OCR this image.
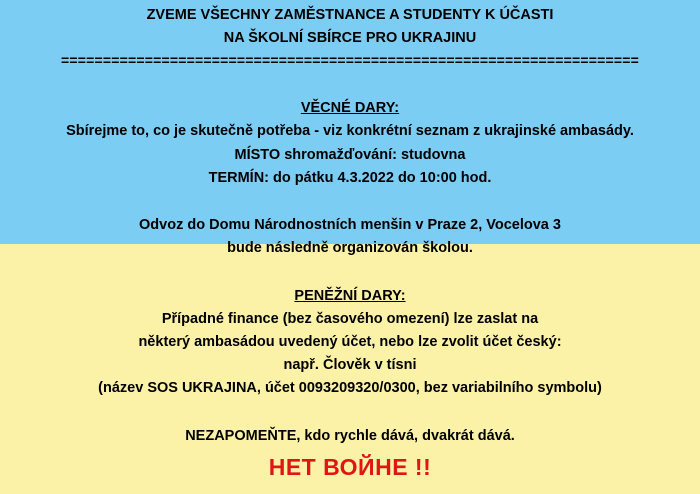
ZVEME VŠECHNY ZAMĚSTNANCE A STUDENTY K ÚČASTI
NA ŠKOLNÍ SBÍRCE PRO UKRAJINU
=====================================================================
VĚCNÉ DARY:
Sbírejme to, co je skutečně potřeba - viz konkrétní seznam z ukrajinské ambasády.
MÍSTO shromažďování: studovna
TERMÍN: do pátku 4.3.2022 do 10:00 hod.
Odvoz do Domu Národnostních menšin v Praze 2, Vocelova 3
bude následně organizován školou.
PENĚŽNÍ DARY:
Případné finance (bez časového omezení) lze zaslat na
některý ambasádou uvedený účet, nebo lze zvolit účet český:
např. Člověk v tísni
(název SOS UKRAJINA, účet 0093209320/0300, bez variabilního symbolu)
NEZAPOMEŇTE, kdo rychle dává, dvakrát dává.
НЕТ ВОЙНЕ !!
